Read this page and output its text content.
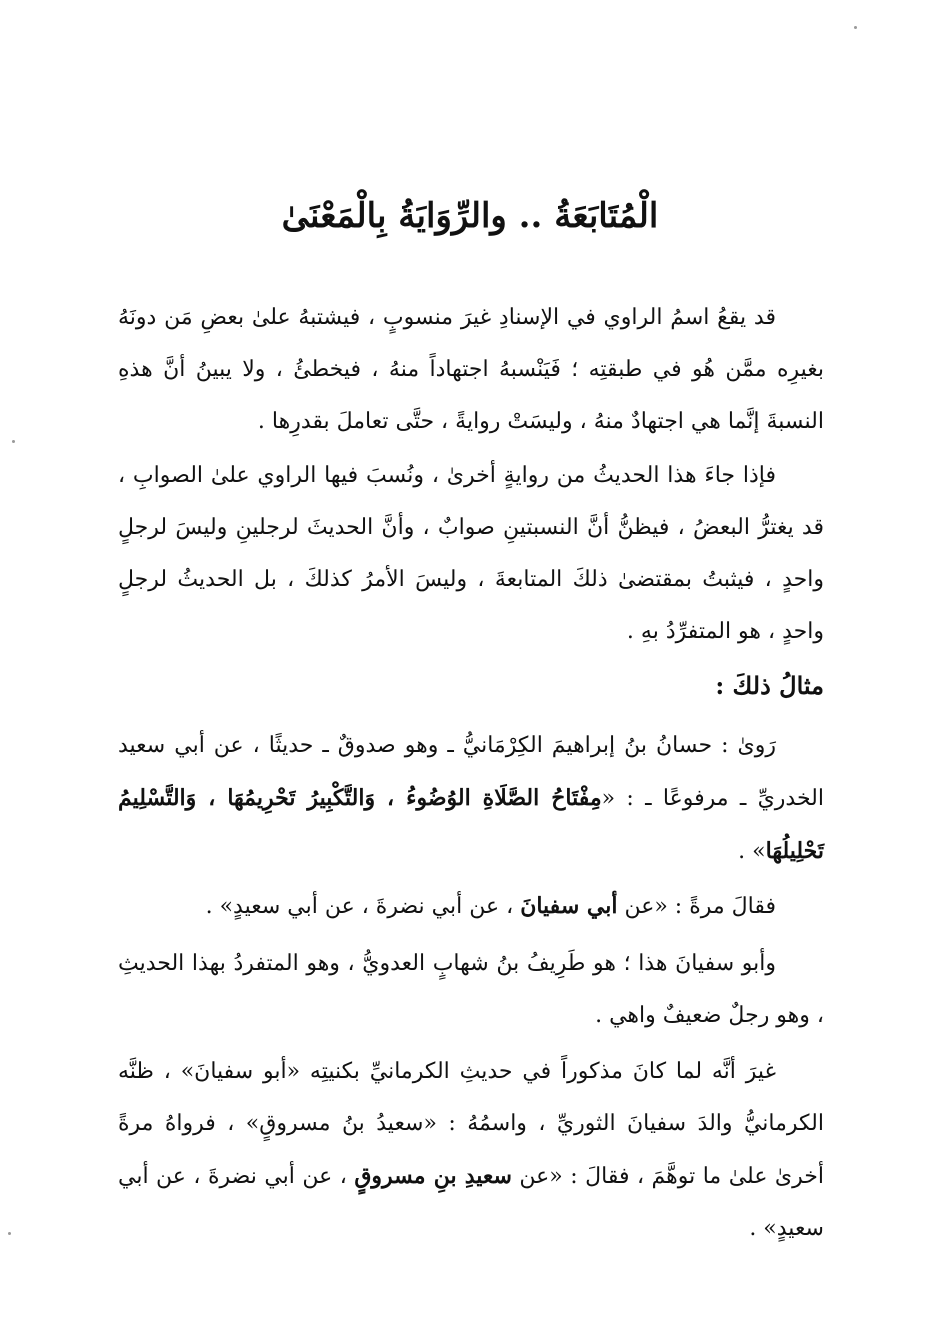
الْمُتَابَعَةُ .. والرِّوَايَةُ بِالْمَعْنَىٰ
قد يقعُ اسمُ الراوي في الإسنادِ غيرَ منسوبٍ ، فيشتبهُ علىٰ بعضِ مَن دونَهُ بغيرِه ممَّن هُو في طبقتِه ؛ فَيَنْسبهُ اجتهاداً منهُ ، فيخطئُ ، ولا يبينُ أنَّ هذهِ النسبةَ إنَّما هي اجتهادٌ منهُ ، وليسَتْ روايةً ، حتَّى تعاملَ بقدرِها .
فإذا جاءَ هذا الحديثُ من روايةٍ أخرىٰ ، ونُسبَ فيها الراوي علىٰ الصوابِ ، قد يغترُّ البعضُ ، فيظنُّ أنَّ النسبتينِ صوابٌ ، وأنَّ الحديثَ لرجلينِ وليسَ لرجلٍ واحدٍ ، فيثبتُ بمقتضىٰ ذلكَ المتابعةَ ، وليسَ الأمرُ كذلكَ ، بل الحديثُ لرجلٍ واحدٍ ، هو المتفرِّدُ بهِ .
مثالُ ذلكَ :
رَوىٰ : حسانُ بنُ إبراهيمَ الكِرْمَانيُّ ـ وهو صدوقٌ ـ حديثًا ، عن أبي سعيد الخدريِّ ـ مرفوعًا ـ : «مِفْتَاحُ الصَّلَاةِ الوُضُوءُ ، وَالتَّكْبِيرُ تَحْرِيمُهَا ، وَالتَّسْلِيمُ تَحْلِيلُهَا» .
فقالَ مرةً : «عن أبي سفيانَ ، عن أبي نضرةَ ، عن أبي سعيدٍ» .
وأبو سفيانَ هذا ؛ هو طَرِيفُ بنُ شهابٍ العدويُّ ، وهو المتفردُ بهذا الحديثِ ، وهو رجلٌ ضعيفٌ واهي .
غيرَ أنَّه لما كانَ مذكوراً في حديثِ الكرمانيِّ بكنيتِه «أبو سفيانَ» ، ظنَّه الكرمانيُّ والدَ سفيانَ الثوريِّ ، واسمُهُ : «سعيدُ بنُ مسروقٍ» ، فرواهُ مرةً أخرىٰ علىٰ ما توهَّمَ ، فقالَ : «عن سعيدِ بنِ مسروقٍ ، عن أبي نضرةَ ، عن أبي سعيدٍ» .
